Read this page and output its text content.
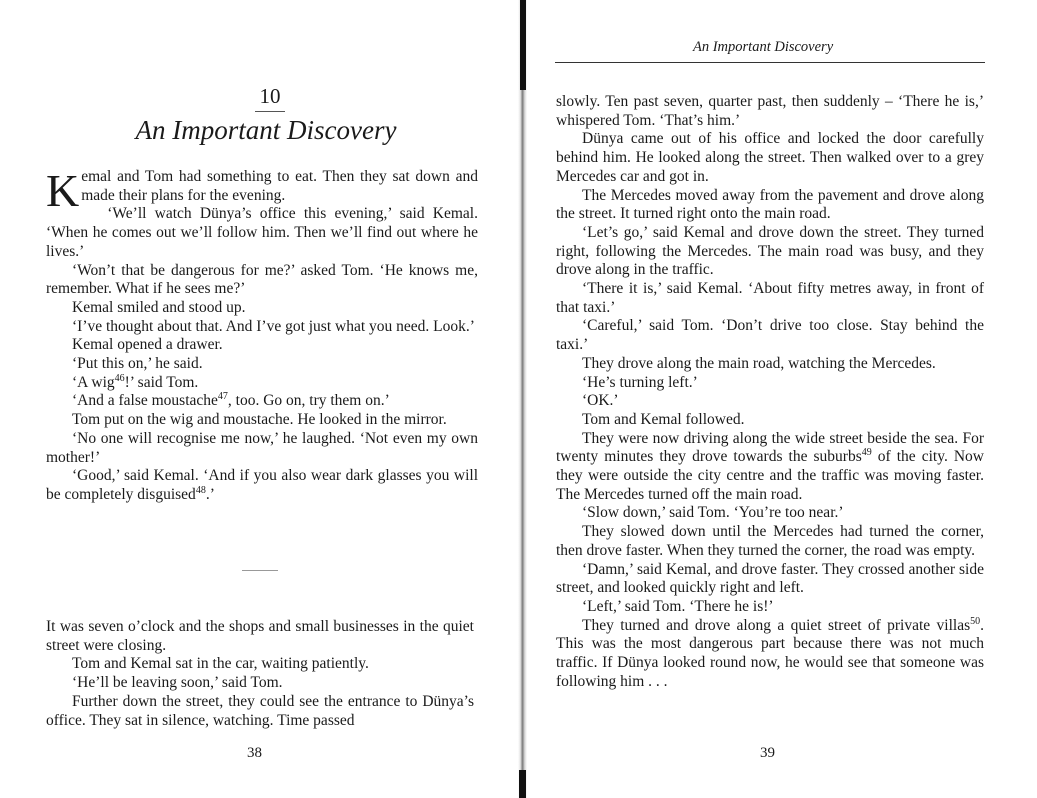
10
An Important Discovery

Kemal and Tom had something to eat. Then they sat down and made their plans for the evening.

‘We’ll watch Dünya’s office this evening,’ said Kemal. ‘When he comes out we’ll follow him. Then we’ll find out where he lives.’

‘Won’t that be dangerous for me?’ asked Tom. ‘He knows me, remember. What if he sees me?’

Kemal smiled and stood up.

‘I’ve thought about that. And I’ve got just what you need. Look.’

Kemal opened a drawer.

‘Put this on,’ he said.

‘A wig$^{46}$!’ said Tom.

‘And a false moustache$^{47}$, too. Go on, try them on.’

Tom put on the wig and moustache. He looked in the mirror.

‘No one will recognise me now,’ he laughed. ‘Not even my own mother!’

‘Good,’ said Kemal. ‘And if you also wear dark glasses you will be completely disguised$^{48}$.’

It was seven o’clock and the shops and small businesses in the quiet street were closing.

Tom and Kemal sat in the car, waiting patiently.

‘He’ll be leaving soon,’ said Tom.

Further down the street, they could see the entrance to Dünya’s office. They sat in silence, watching. Time passed

38
An Important Discovery

slowly. Ten past seven, quarter past, then suddenly – ‘There he is,’ whispered Tom. ‘That’s him.’

Dünya came out of his office and locked the door carefully behind him. He looked along the street. Then walked over to a grey Mercedes car and got in.

The Mercedes moved away from the pavement and drove along the street. It turned right onto the main road.

‘Let’s go,’ said Kemal and drove down the street. They turned right, following the Mercedes. The main road was busy, and they drove along in the traffic.

‘There it is,’ said Kemal. ‘About fifty metres away, in front of that taxi.’

‘Careful,’ said Tom. ‘Don’t drive too close. Stay behind the taxi.’

They drove along the main road, watching the Mercedes.

‘He’s turning left.’

‘OK.’

Tom and Kemal followed.

They were now driving along the wide street beside the sea. For twenty minutes they drove towards the suburbs$^{49}$ of the city. Now they were outside the city centre and the traffic was moving faster. The Mercedes turned off the main road.

‘Slow down,’ said Tom. ‘You’re too near.’

They slowed down until the Mercedes had turned the corner, then drove faster. When they turned the corner, the road was empty.

‘Damn,’ said Kemal, and drove faster. They crossed another side street, and looked quickly right and left.

‘Left,’ said Tom. ‘There he is!’

They turned and drove along a quiet street of private villas$^{50}$. This was the most dangerous part because there was not much traffic. If Dünya looked round now, he would see that someone was following him . . .

39
